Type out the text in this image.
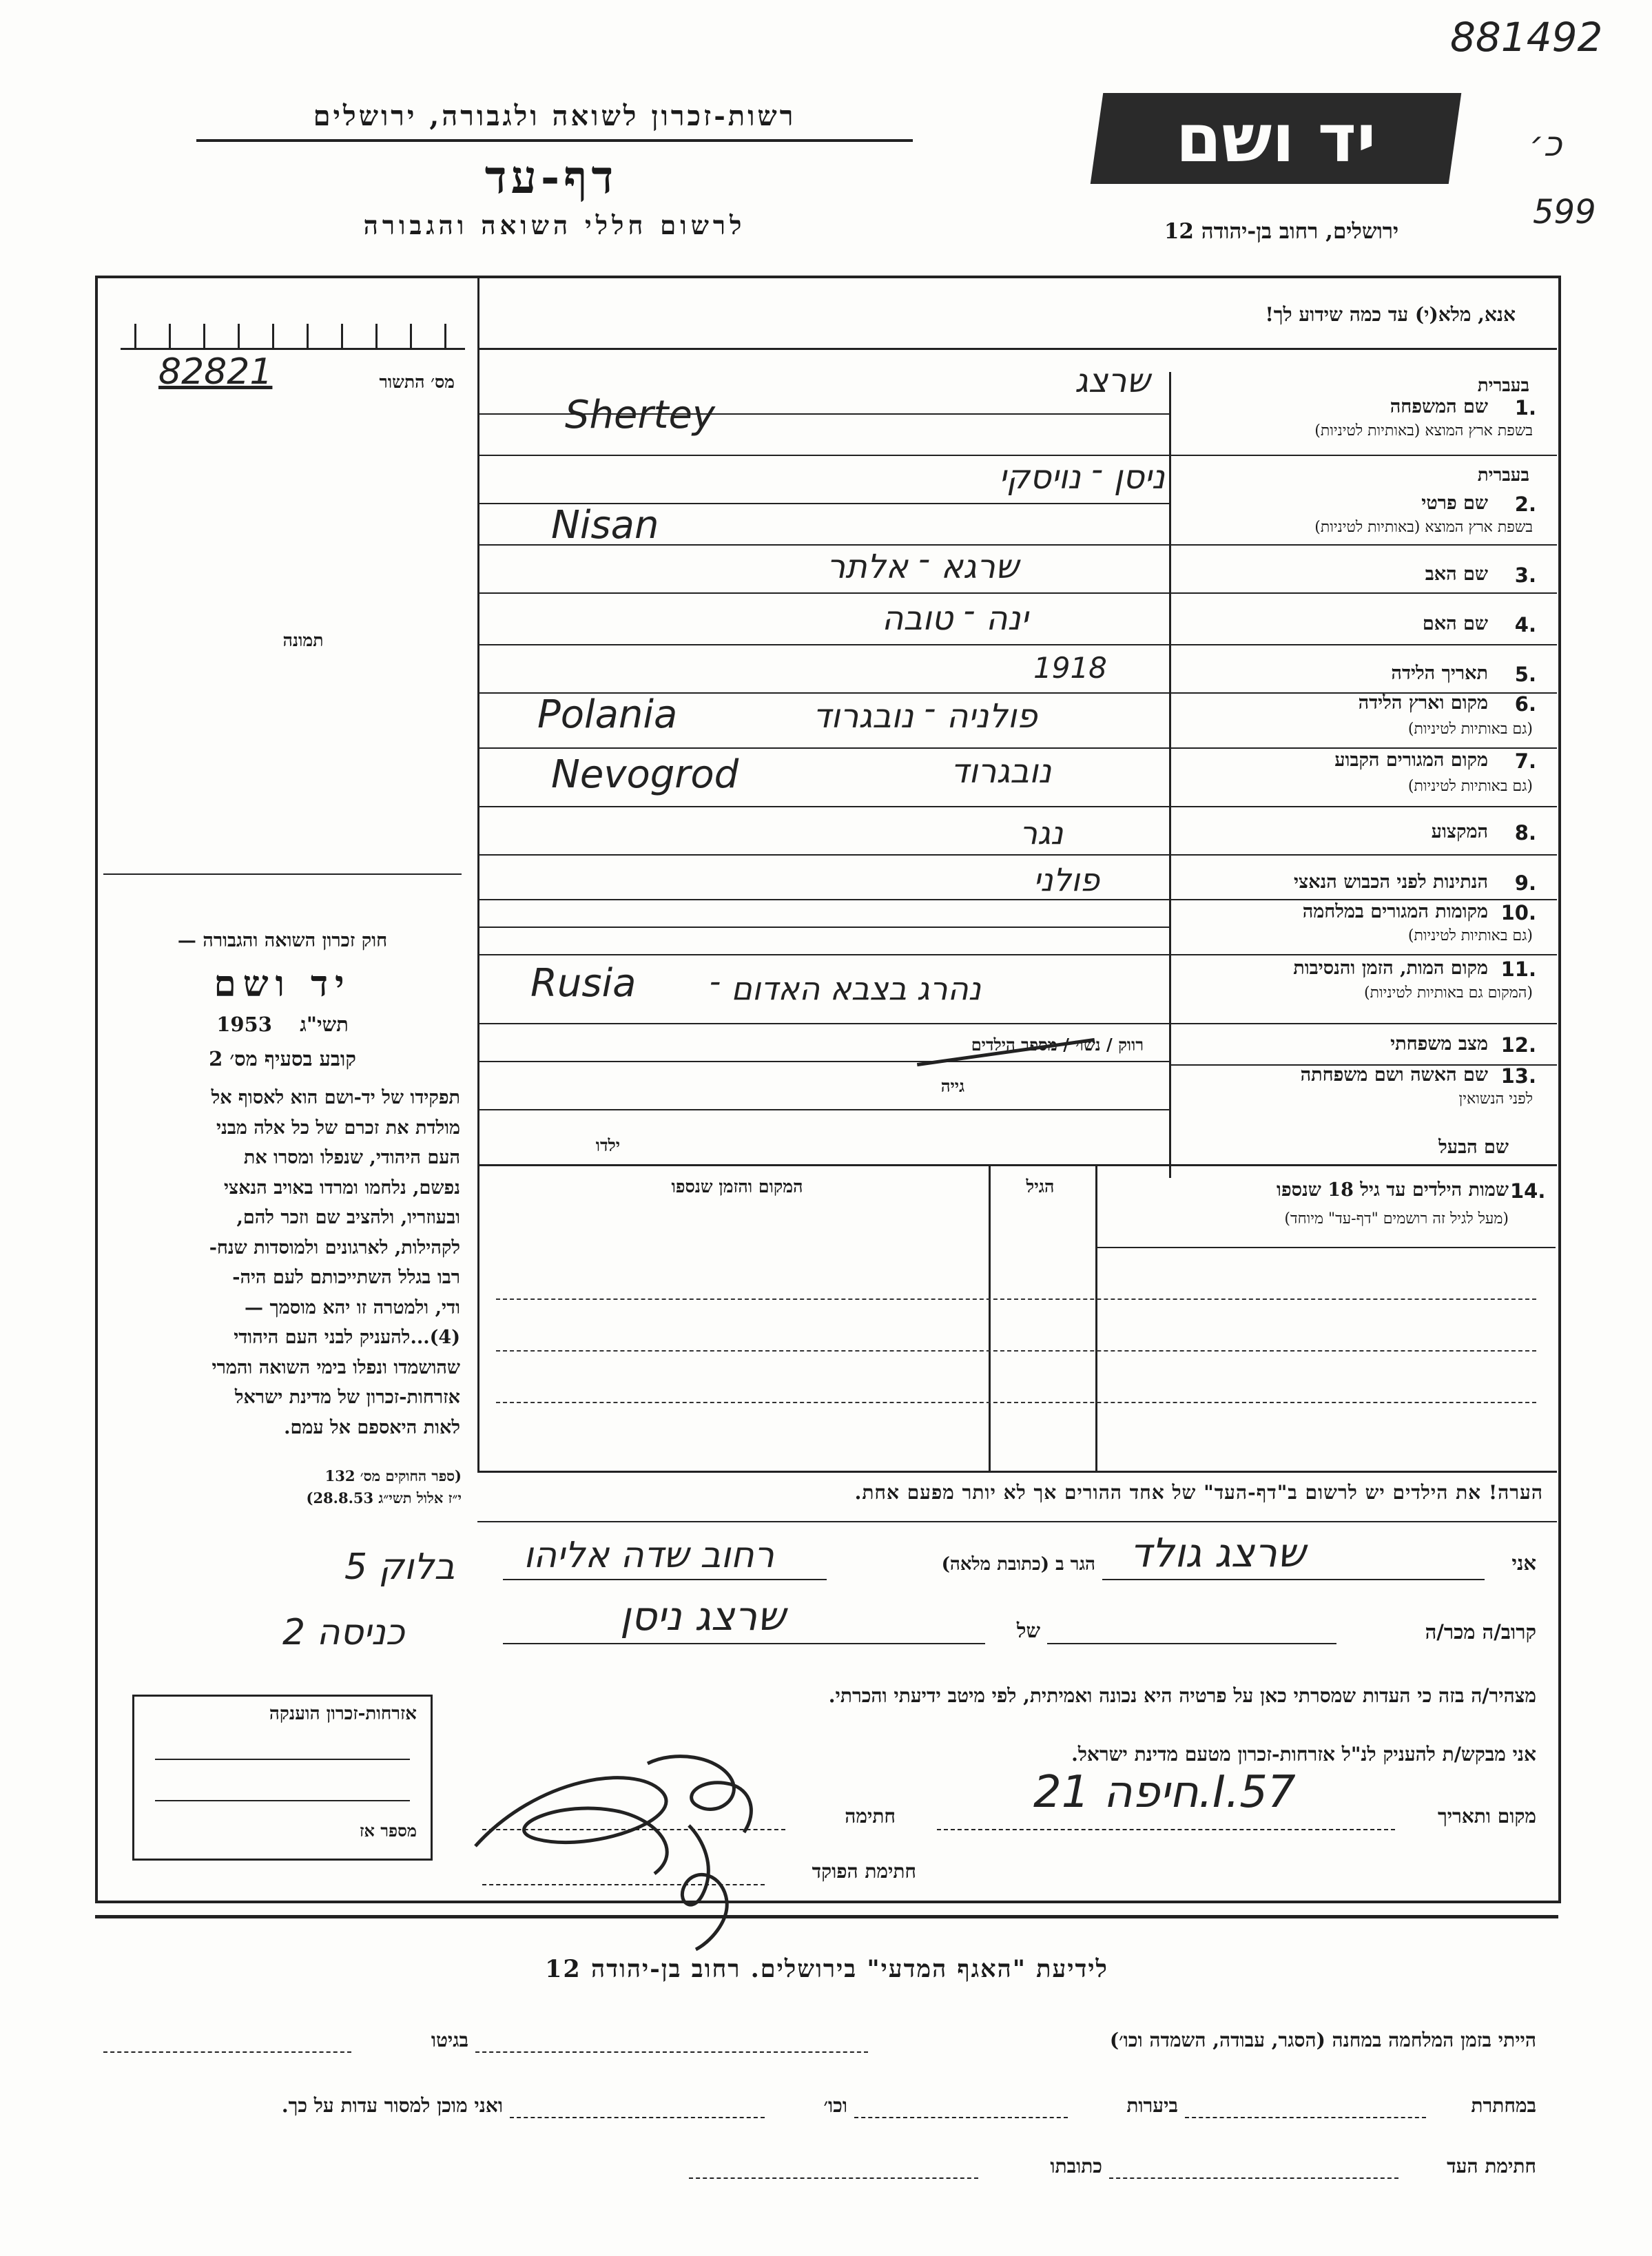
881492
כ׳
599
רשות-זכרון לשואה ולגבורה, ירושלים
דף-עד
לרשום חללי השואה והגבורה
יד ושם
ירושלים, רחוב בן-יהודה 12
אנא, מלא(י) עד כמה שידוע לך!
מס׳ התשור
82821
תמונה
חוק זכרון השואה והגבורה —
יד ושם
1953 תשי"ג
קובע בסעיף מס׳ 2
תפקידו של יד-ושם הוא לאסוף אל
מולדת את זכרם של כל אלה מבני
העם היהודי, שנפלו ומסרו את
נפשם, נלחמו ומרדו באויב הנאצי
ובעוזריו, ולהציב שם וזכר להם,
לקהילות, לארגונים ולמוסדות שנח-
רבו בגלל השתייכותם לעם היה-
ודי, ולמטרה זו יהא מוסמך —
(4)...להעניק לבני העם היהודי
שהושמדו ונפלו בימי השואה והמרי
אזרחות-זכרון של מדינת ישראל
לאות היאספם אל עמם.
(ספר החוקים מס׳ 132
י״ז אלול תשי״ג 28.8.53)
אזרחות-זכרון הוענקה
מספר אז
1.
שם המשפחה
בשפת ארץ המוצא (באותיות לטיניות)
בעברית
שרצג
Shertey
2.
שם פרטי
בשפת ארץ המוצא (באותיות לטיניות)
בעברית
ניסן ־ נויסקי
Nisan
3.
שם האב
שרגא ־ אלתר
4.
שם האם
ינה ־ טובה
5.
תאריך הלידה
1918
6.
מקום וארץ הלידה
(גם באותיות לטיניות)
פולניה ־ נובגרוד
Polania
7.
מקום המגורים הקבוע
(גם באותיות לטיניות)
נובגרוד
Nevogrod
8.
המקצוע
נגר
9.
הנתינות לפני הכבוש הנאצי
פולני
10.
מקומות המגורים במלחמה
(גם באותיות לטיניות)
11.
מקום המות, הזמן והנסיבות
(המקום גם באותיות לטיניות)
נהרג בצבא האדום ־
Rusia
12.
מצב משפחתי
רווק / נשוי / מספר הילדים
13.
שם האשה ושם משפחתה
לפני הנשואין
גייה
שם הבעל
ילדו
14.
שמות הילדים עד גיל 18 שנספו
(מעל לגיל זה רושמים "דף-עד" מיוחד)
הגיל
המקום והזמן שנספו
הערה! את הילדים יש לרשום ב"דף-העד" של אחד ההורים אך לא יותר מפעם אחת.
אני
שרצג גולד
הגר ב (כתובת מלאה)
רחוב שדה אליהו
בלוק 5
כניסה 2	קרוב/ה מכר/ה
של
שרצג ניסן
מצהיר/ה בזה כי העדות שמסרתי כאן על פרטיה היא נכונה ואמיתית, לפי מיטב ידיעתי והכרתי.
אני מבקש/ת להעניק לנ"ל אזרחות-זכרון מטעם מדינת ישראל.
מקום ותאריך
חיפה 21.I.57
חתימה
חתימת הפוקד
לידיעת "האגף המדעי" בירושלים. רחוב בן-יהודה 12
הייתי בזמן המלחמה במחנה (הסגר, עבודה, השמדה וכו׳)
בגיטו
במחתרת
ביערות
וכו׳
ואני מוכן למסור עדות על כך.
חתימת העד
כתובתו
